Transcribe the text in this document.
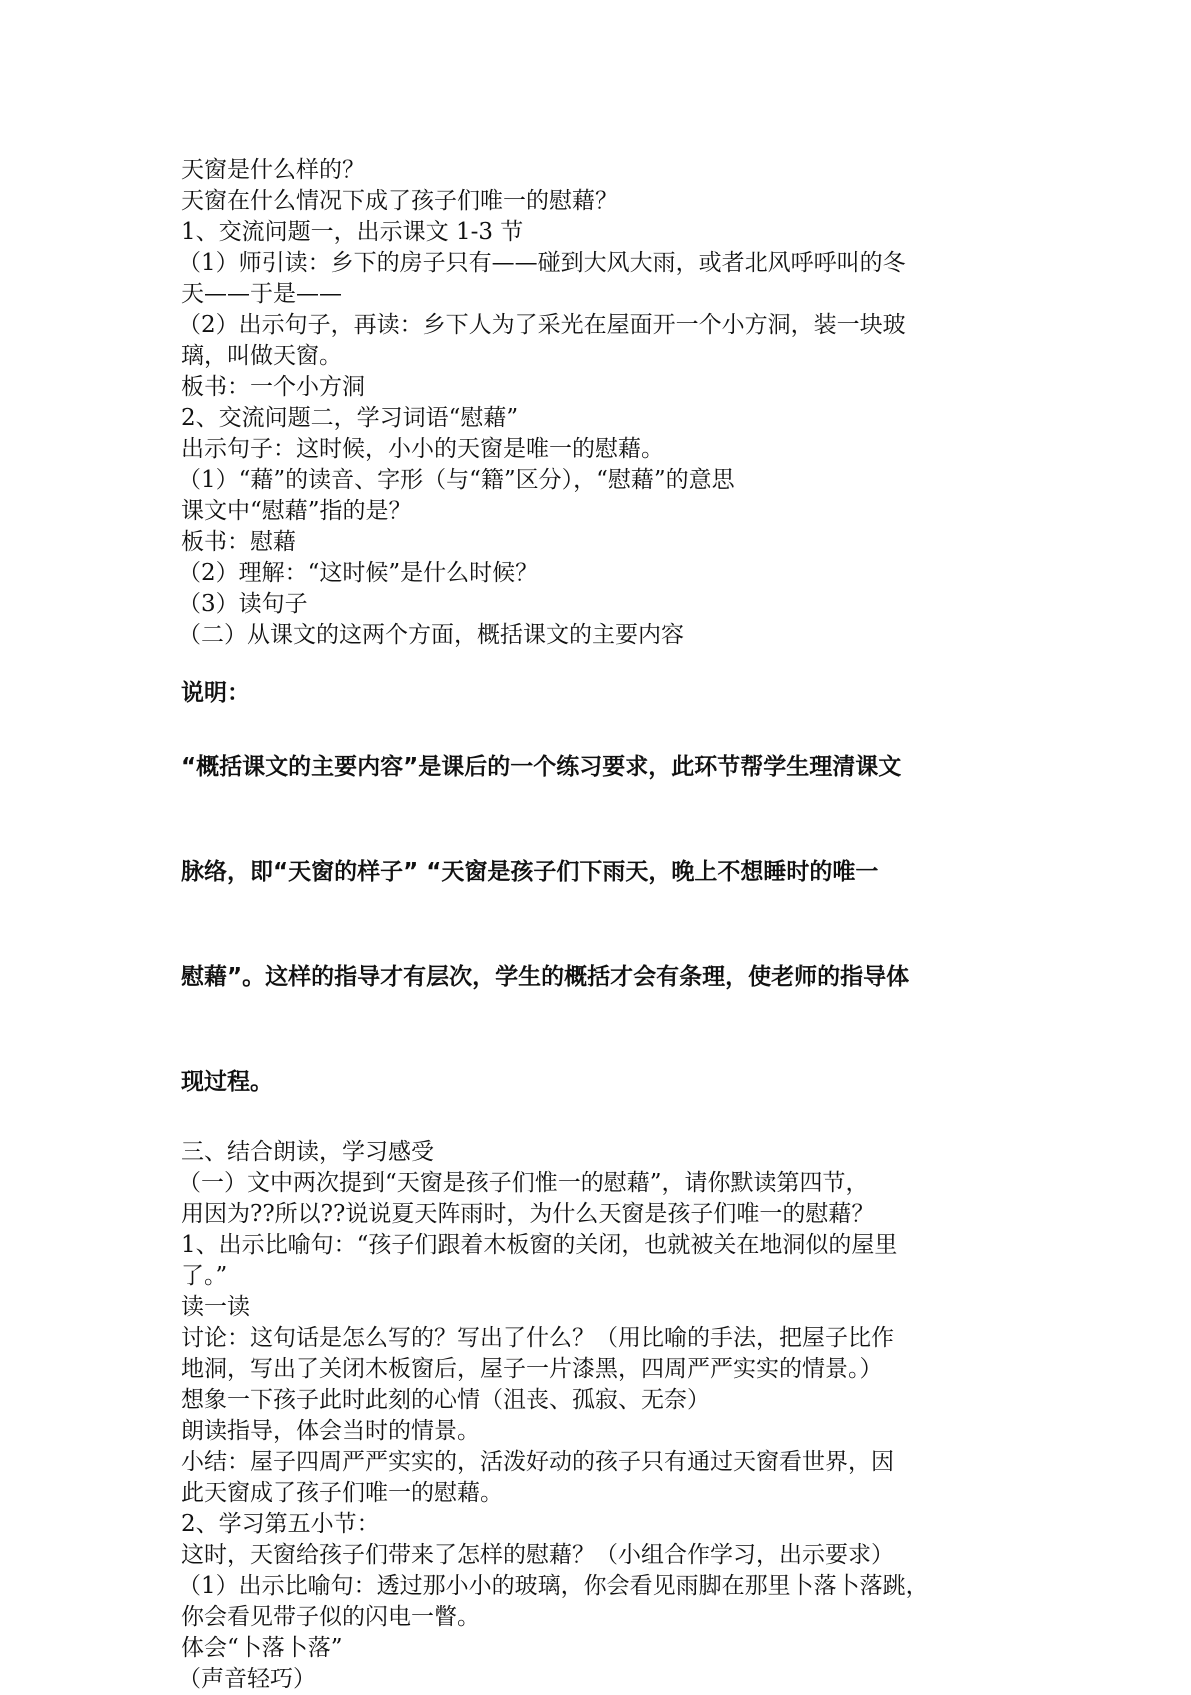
天窗是什么样的？

天窗在什么情况下成了孩子们唯一的慰藉？

1、交流问题一，出示课文 1-3 节

（1）师引读：乡下的房子只有——碰到大风大雨，或者北风呼呼叫的冬

天——于是——

（2）出示句子，再读：乡下人为了采光在屋面开一个小方洞，装一块玻

璃，叫做天窗。

板书：一个小方洞

2、交流问题二，学习词语“慰藉”

出示句子：这时候，小小的天窗是唯一的慰藉。

（1）“藉”的读音、字形（与“籍”区分），“慰藉”的意思

课文中“慰藉”指的是？

板书：慰藉

（2）理解：“这时候”是什么时候？

（3）读句子

（二）从课文的这两个方面，概括课文的主要内容

说明：

“概括课文的主要内容”是课后的一个练习要求，此环节帮学生理清课文

脉络，即“天窗的样子” “天窗是孩子们下雨天，晚上不想睡时的唯一

慰藉”。这样的指导才有层次，学生的概括才会有条理，使老师的指导体

现过程。

三、结合朗读，学习感受

（一）文中两次提到“天窗是孩子们惟一的慰藉”，请你默读第四节，

用因为??所以??说说夏天阵雨时，为什么天窗是孩子们唯一的慰藉？

1、出示比喻句：“孩子们跟着木板窗的关闭，也就被关在地洞似的屋里

了。”

读一读

讨论：这句话是怎么写的？写出了什么？（用比喻的手法，把屋子比作

地洞，写出了关闭木板窗后，屋子一片漆黑，四周严严实实的情景。）

想象一下孩子此时此刻的心情（沮丧、孤寂、无奈）

朗读指导，体会当时的情景。

小结：屋子四周严严实实的，活泼好动的孩子只有通过天窗看世界，因

此天窗成了孩子们唯一的慰藉。

2、学习第五小节：

这时，天窗给孩子们带来了怎样的慰藉？（小组合作学习，出示要求）

（1）出示比喻句：透过那小小的玻璃，你会看见雨脚在那里卜落卜落跳，

你会看见带子似的闪电一瞥。

体会“卜落卜落”

（声音轻巧）
